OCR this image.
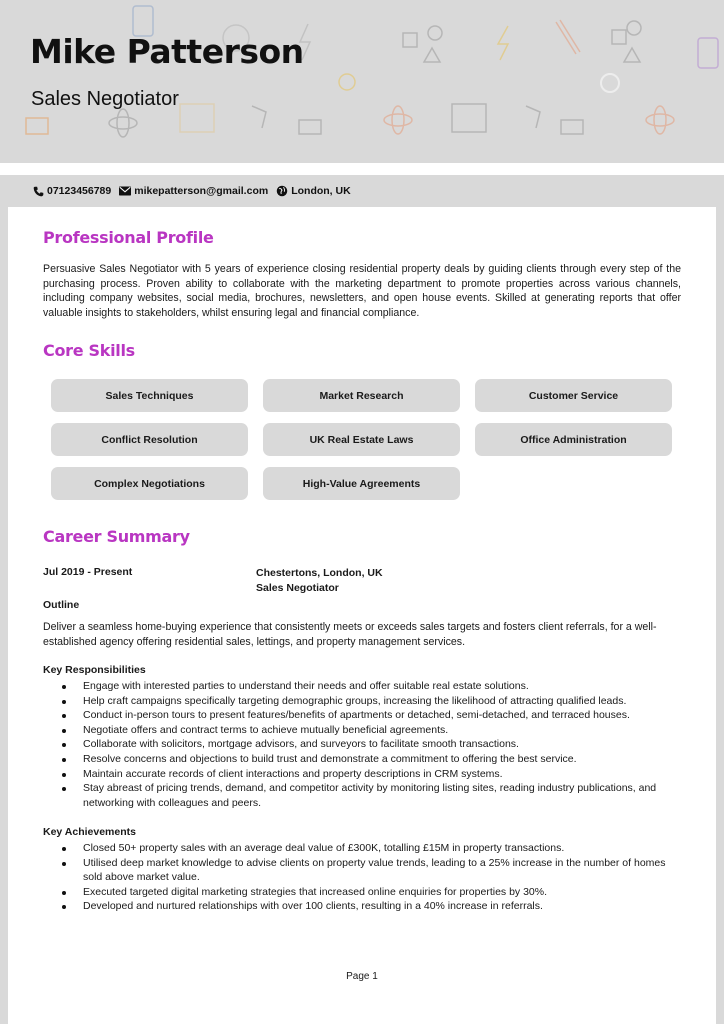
Mike Patterson
Sales Negotiator
07123456789 mikepatterson@gmail.com London, UK
Professional Profile

Persuasive Sales Negotiator with 5 years of experience closing residential property deals by guiding clients through every step of the purchasing process. Proven ability to collaborate with the marketing department to promote properties across various channels, including company websites, social media, brochures, newsletters, and open house events. Skilled at generating reports that offer valuable insights to stakeholders, whilst ensuring legal and financial compliance.

Core Skills
Sales Techniques	Market Research	Customer Service
Conflict Resolution	UK Real Estate Laws	Office Administration
Complex Negotiations	High-Value Agreements
Career Summary
Jul 2019 - Present	Chestertons, London, UK
Sales Negotiator
Outline

Deliver a seamless home-buying experience that consistently meets or exceeds sales targets and fosters client referrals, for a well-established agency offering residential sales, lettings, and property management services.

Key Responsibilities
Engage with interested parties to understand their needs and offer suitable real estate solutions.
Help craft campaigns specifically targeting demographic groups, increasing the likelihood of attracting qualified leads.
Conduct in-person tours to present features/benefits of apartments or detached, semi-detached, and terraced houses.
Negotiate offers and contract terms to achieve mutually beneficial agreements.
Collaborate with solicitors, mortgage advisors, and surveyors to facilitate smooth transactions.
Resolve concerns and objections to build trust and demonstrate a commitment to offering the best service.
Maintain accurate records of client interactions and property descriptions in CRM systems.
Stay abreast of pricing trends, demand, and competitor activity by monitoring listing sites, reading industry publications, and networking with colleagues and peers.
Key Achievements
Closed 50+ property sales with an average deal value of £300K, totalling £15M in property transactions.
Utilised deep market knowledge to advise clients on property value trends, leading to a 25% increase in the number of homes sold above market value.
Executed targeted digital marketing strategies that increased online enquiries for properties by 30%.
Developed and nurtured relationships with over 100 clients, resulting in a 40% increase in referrals.
Page 1
